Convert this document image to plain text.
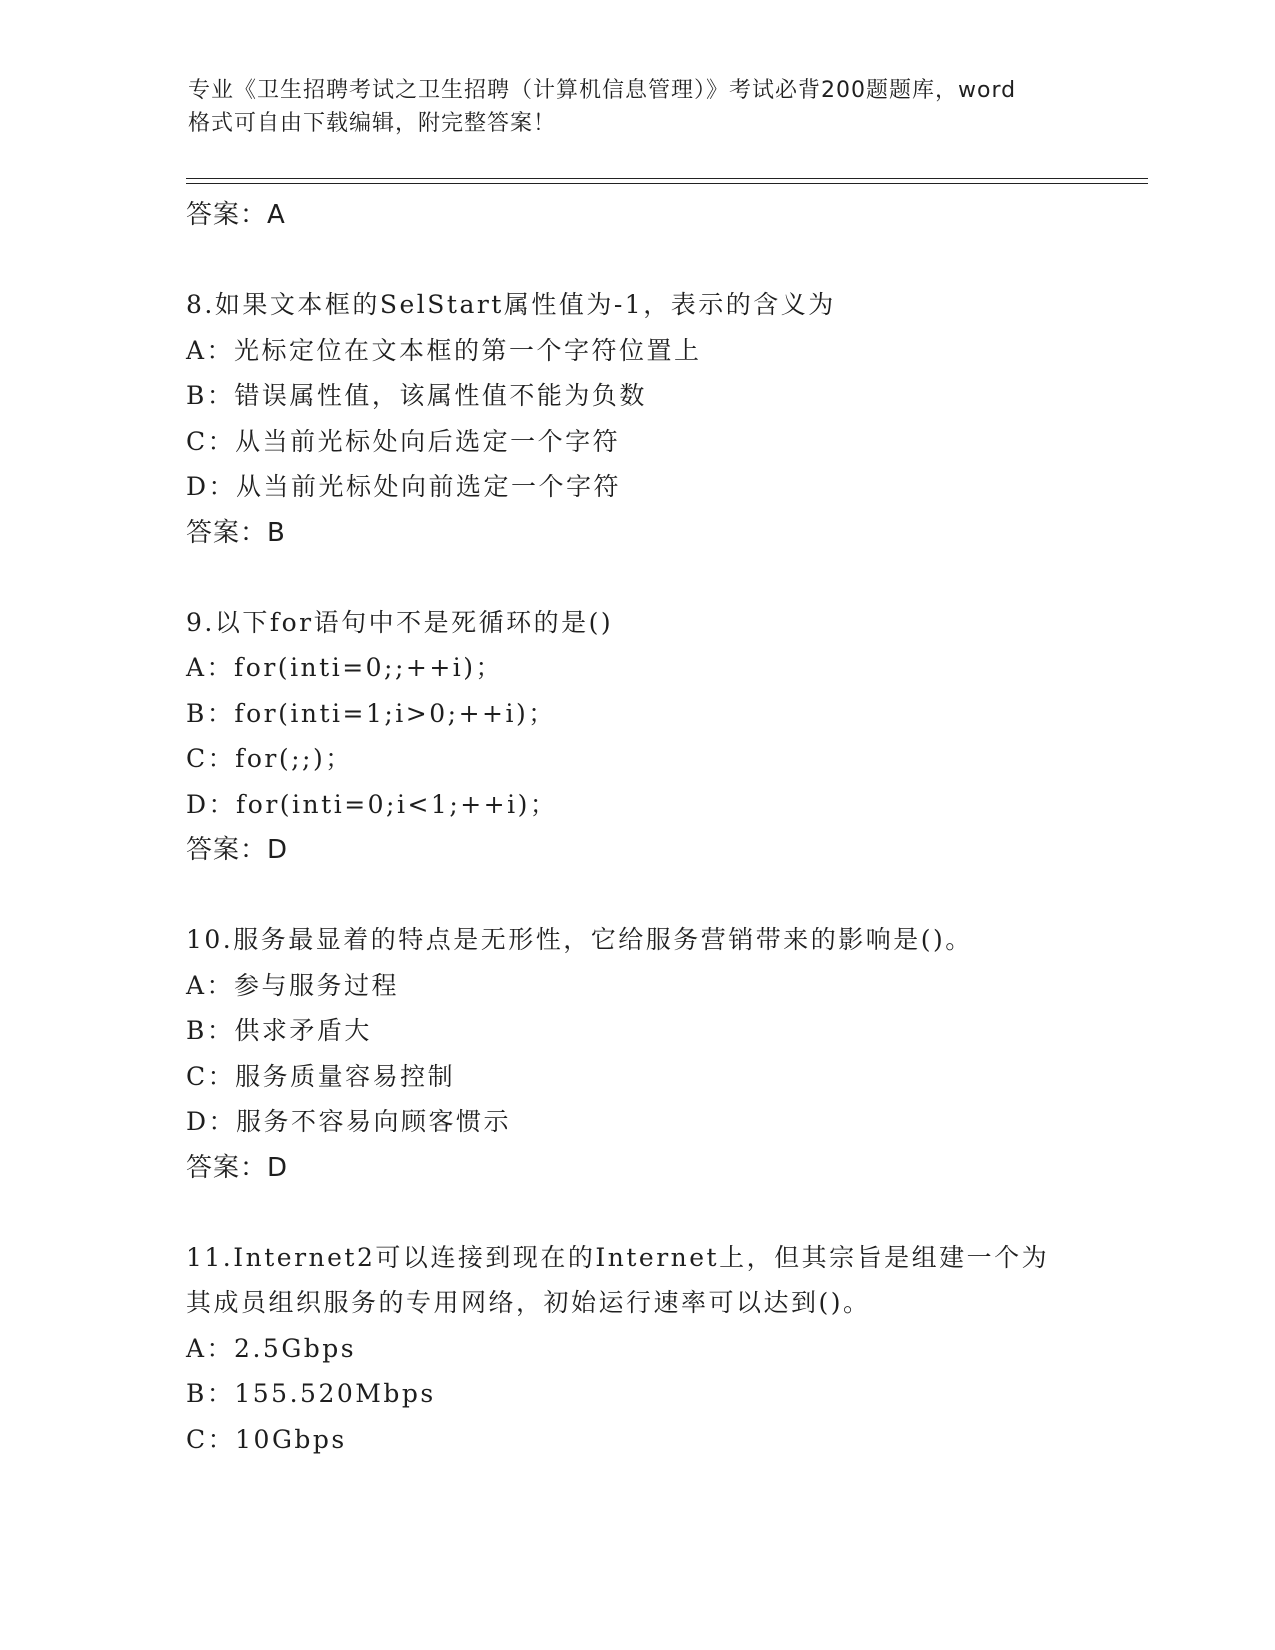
专业《卫生招聘考试之卫生招聘（计算机信息管理）》考试必背200题题库，word
格式可自由下载编辑，附完整答案！
答案：A
8.如果文本框的SelStart属性值为-1，表示的含义为
A：光标定位在文本框的第一个字符位置上
B：错误属性值，该属性值不能为负数
C：从当前光标处向后选定一个字符
D：从当前光标处向前选定一个字符
答案：B
9.以下for语句中不是死循环的是()
A：for(inti=0;;++i)；
B：for(inti=1;i>0;++i)；
C：for(;;)；
D：for(inti=0;i<1;++i)；
答案：D
10.服务最显着的特点是无形性，它给服务营销带来的影响是()。
A：参与服务过程
B：供求矛盾大
C：服务质量容易控制
D：服务不容易向顾客惯示
答案：D
11.Internet2可以连接到现在的Internet上，但其宗旨是组建一个为
其成员组织服务的专用网络，初始运行速率可以达到()。
A：2.5Gbps
B：155.520Mbps
C：10Gbps
